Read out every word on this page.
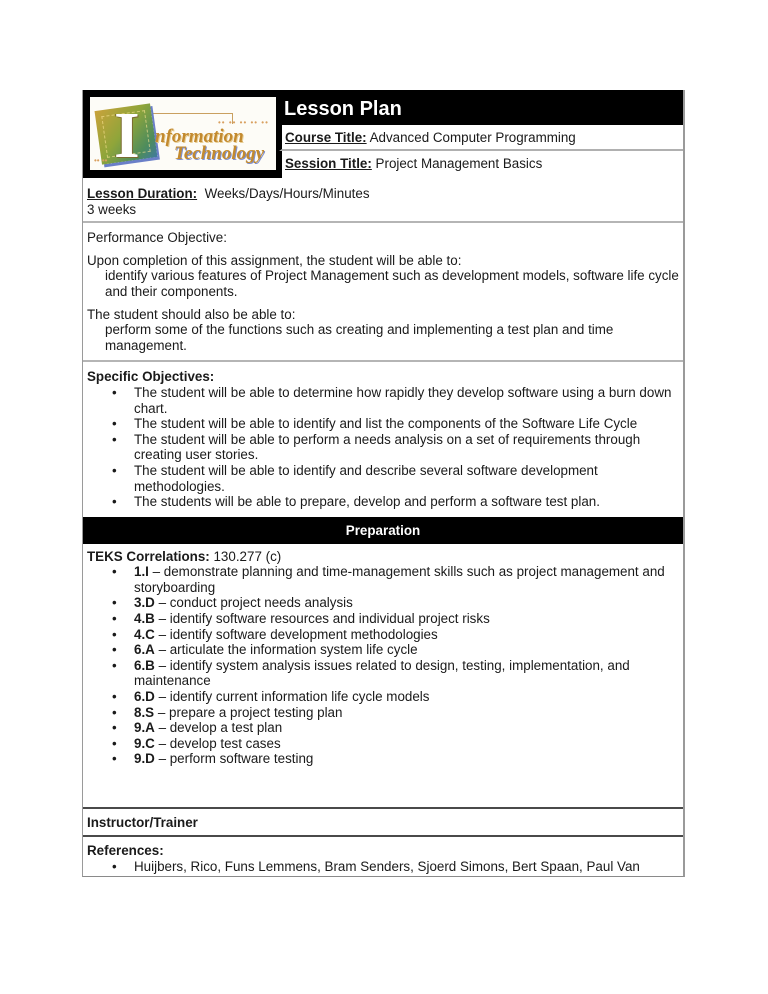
I	•• •• •• •• ••
•• ••
nformation
Technology
Lesson Plan
Course Title: Advanced Computer Programming
Session Title: Project Management Basics

Lesson Duration: Weeks/Days/Hours/Minutes

3 weeks

Performance Objective:

Upon completion of this assignment, the student will be able to:

identify various features of Project Management such as development models, software life cycle and their components.

The student should also be able to:

perform some of the functions such as creating and implementing a test plan and time management.

Specific Objectives:

• The student will be able to determine how rapidly they develop software using a burn down chart.
• The student will be able to identify and list the components of the Software Life Cycle
• The student will be able to perform a needs analysis on a set of requirements through creating user stories.
• The student will be able to identify and describe several software development methodologies.
• The students will be able to prepare, develop and perform a software test plan.
Preparation

TEKS Correlations: 130.277 (c)

• 1.I – demonstrate planning and time-management skills such as project management and storyboarding
• 3.D – conduct project needs analysis
• 4.B – identify software resources and individual project risks
• 4.C – identify software development methodologies
• 6.A – articulate the information system life cycle
• 6.B – identify system analysis issues related to design, testing, implementation, and maintenance
• 6.D – identify current information life cycle models
• 8.S – prepare a project testing plan
• 9.A – develop a test plan
• 9.C – develop test cases
• 9.D – perform software testing

Instructor/Trainer

References:

• Huijbers, Rico, Funs Lemmens, Bram Senders, Sjoerd Simons, Bert Spaan, Paul Van
